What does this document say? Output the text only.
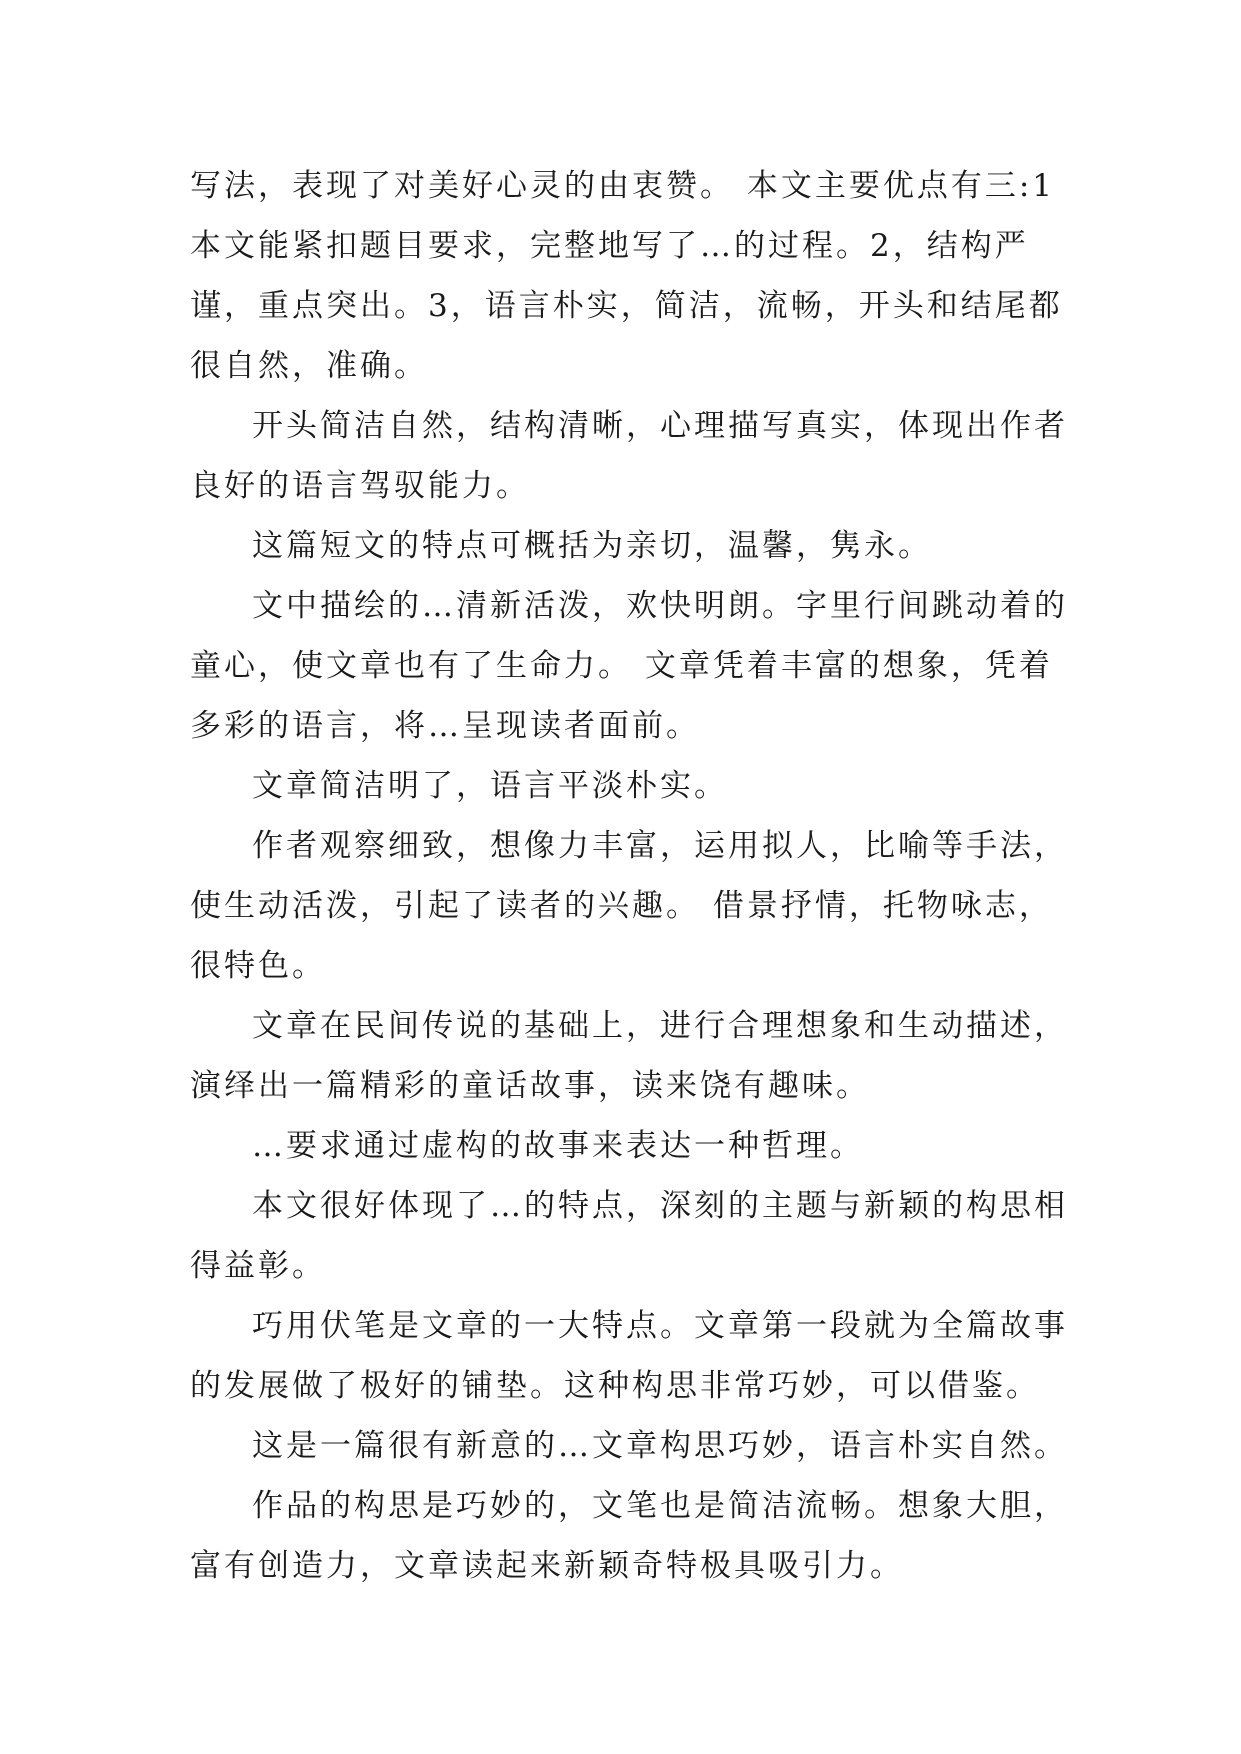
写法，表现了对美好心灵的由衷赞。 本文主要优点有三:1本文能紧扣题目要求，完整地写了…的过程。2，结构严谨，重点突出。3，语言朴实，简洁，流畅，开头和结尾都很自然，准确。

开头简洁自然，结构清晰，心理描写真实，体现出作者良好的语言驾驭能力。

这篇短文的特点可概括为亲切，温馨，隽永。

文中描绘的…清新活泼，欢快明朗。字里行间跳动着的童心，使文章也有了生命力。 文章凭着丰富的想象，凭着多彩的语言，将…呈现读者面前。

文章简洁明了，语言平淡朴实。

作者观察细致，想像力丰富，运用拟人，比喻等手法，使生动活泼，引起了读者的兴趣。 借景抒情，托物咏志，很特色。

文章在民间传说的基础上，进行合理想象和生动描述，演绎出一篇精彩的童话故事，读来饶有趣味。

…要求通过虚构的故事来表达一种哲理。

本文很好体现了…的特点，深刻的主题与新颖的构思相得益彰。

巧用伏笔是文章的一大特点。文章第一段就为全篇故事的发展做了极好的铺垫。这种构思非常巧妙，可以借鉴。

这是一篇很有新意的…文章构思巧妙，语言朴实自然。

作品的构思是巧妙的，文笔也是简洁流畅。想象大胆，富有创造力，文章读起来新颖奇特极具吸引力。
